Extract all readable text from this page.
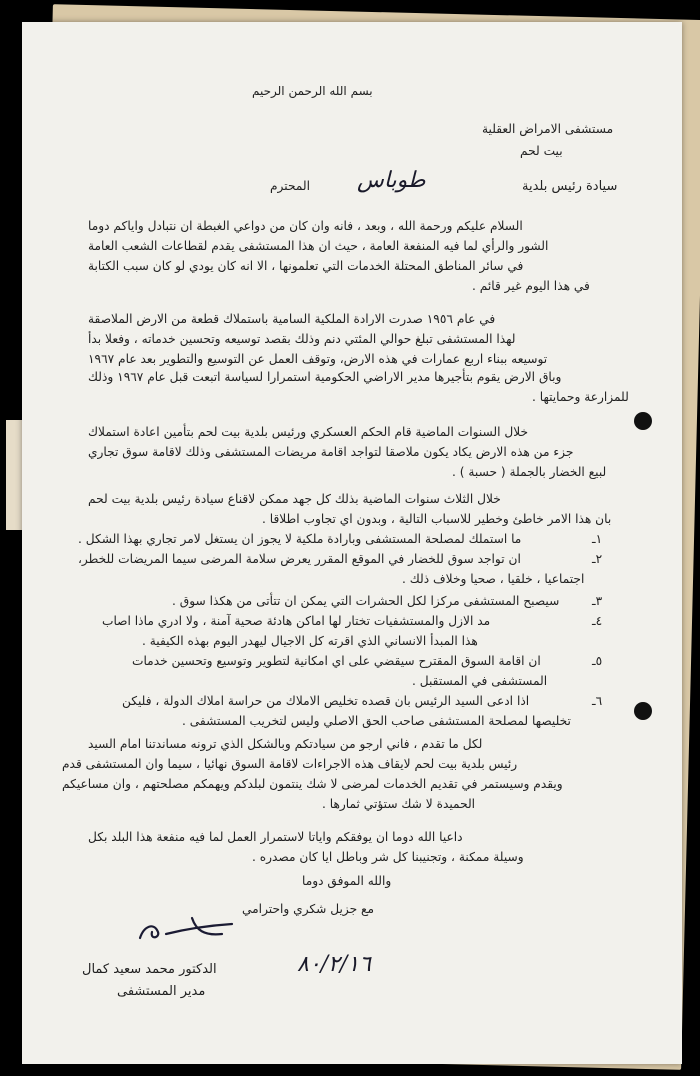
بسم الله الرحمن الرحيم
مستشفى الامراض العقلية
بيت لحم
سيادة رئيس بلدية
طوباس
المحترم
السلام عليكم ورحمة الله ، وبعد ، فانه وان كان من دواعي الغبطة ان نتبادل واياكم دوما
الشور والرأي لما فيه المنفعة العامة ، حيث ان هذا المستشفى يقدم لقطاعات الشعب العامة
في سائر المناطق المحتلة الخدمات التي تعلمونها ، الا انه كان يودي لو كان سبب الكتابة
في هذا اليوم غير قائم .
في عام ١٩٥٦ صدرت الارادة الملكية السامية باستملاك قطعة من الارض الملاصقة
لهذا المستشفى تبلغ حوالي المئتي دنم وذلك بقصد توسيعه وتحسين خدماته ، وفعلا بدأ
توسيعه ببناء اربع عمارات في هذه الارض، وتوقف العمل عن التوسيع والتطوير بعد عام ١٩٦٧
وباق الارض يقوم بتأجيرها مدير الاراضي الحكومية استمرارا لسياسة اتبعت قبل عام ١٩٦٧ وذلك
للمزارعة وحمايتها .
خلال السنوات الماضية قام الحكم العسكري ورئيس بلدية بيت لحم بتأمين اعادة استملاك
جزء من هذه الارض يكاد يكون ملاصقا لتواجد اقامة مريضات المستشفى وذلك لاقامة سوق تجاري
لبيع الخضار بالجملة ( حسبة ) .
خلال الثلاث سنوات الماضية بذلك كل جهد ممكن لاقناع سيادة رئيس بلدية بيت لحم
بان هذا الامر خاطئ وخطير للاسباب التالية ، وبدون اي تجاوب اطلاقا .
١ـ
ما استملك لمصلحة المستشفى وبارادة ملكية لا يجوز ان يستغل لامر تجاري بهذا الشكل .
٢ـ
ان تواجد سوق للخضار في الموقع المقرر يعرض سلامة المرضى سيما المريضات للخطر،
اجتماعيا ، خلقيا ، صحيا وخلاف ذلك .
٣ـ
سيصبح المستشفى مركزا لكل الحشرات التي يمكن ان تتأتى من هكذا سوق .
٤ـ
مد الازل والمستشفيات تختار لها اماكن هادئة صحية آمنة ، ولا ادري ماذا اصاب
هذا المبدأ الانساني الذي اقرته كل الاجيال ليهدر اليوم بهذه الكيفية .
٥ـ
ان اقامة السوق المقترح سيقضي على اي امكانية لتطوير وتوسيع وتحسين خدمات
المستشفى في المستقبل .
٦ـ
اذا ادعى السيد الرئيس بان قصده تخليص الاملاك من حراسة املاك الدولة ، فليكن
تخليصها لمصلحة المستشفى صاحب الحق الاصلي وليس لتخريب المستشفى .
لكل ما تقدم ، فاني ارجو من سيادتكم وبالشكل الذي ترونه مساندتنا امام السيد
رئيس بلدية بيت لحم لايقاف هذه الاجراءات لاقامة السوق نهائيا ، سيما وان المستشفى قدم
ويقدم وسيستمر في تقديم الخدمات لمرضى لا شك ينتمون لبلدكم ويهمكم مصلحتهم ، وان مساعيكم
الحميدة لا شك ستؤتي ثمارها .
داعيا الله دوما ان يوفقكم واياتا لاستمرار العمل لما فيه منفعة هذا البلد بكل
وسيلة ممكنة ، وتجنيبنا كل شر وباطل ايا كان مصدره .
والله الموفق دوما
مع جزيل شكري واحترامي
الدكتور محمد سعيد كمال
مدير المستشفى
٨٠/٢/١٦
